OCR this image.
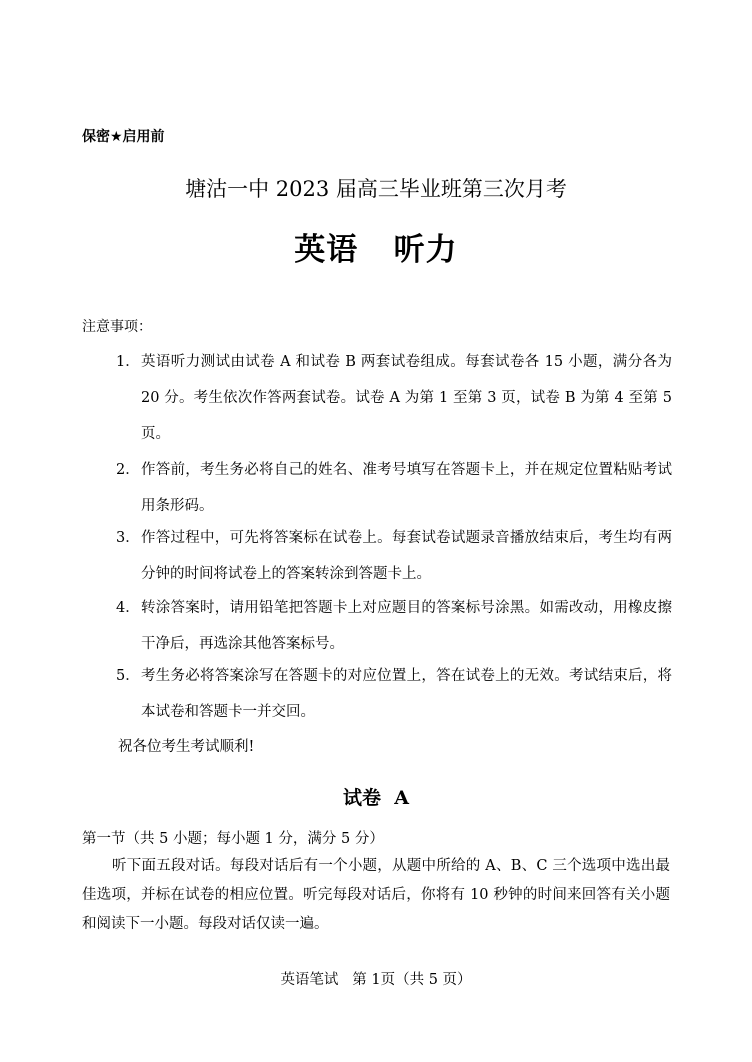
保密★启用前
塘沽一中 2023 届高三毕业班第三次月考
英语   听力
注意事项：
1． 英语听力测试由试卷 A 和试卷 B 两套试卷组成。每套试卷各 15 小题，满分各为 20 分。考生依次作答两套试卷。试卷 A 为第 1 至第 3 页，试卷 B 为第 4 至第 5 页。
2． 作答前，考生务必将自己的姓名、准考号填写在答题卡上，并在规定位置粘贴考试用条形码。
3． 作答过程中，可先将答案标在试卷上。每套试卷试题录音播放结束后，考生均有两分钟的时间将试卷上的答案转涂到答题卡上。
4． 转涂答案时，请用铅笔把答题卡上对应题目的答案标号涂黑。如需改动，用橡皮擦干净后，再选涂其他答案标号。
5． 考生务必将答案涂写在答题卡的对应位置上，答在试卷上的无效。考试结束后，将本试卷和答题卡一并交回。
祝各位考生考试顺利!
试卷  A
第一节（共 5 小题；每小题 1 分，满分 5 分）
听下面五段对话。每段对话后有一个小题，从题中所给的 A、B、C 三个选项中选出最佳选项，并标在试卷的相应位置。听完每段对话后，你将有 10 秒钟的时间来回答有关小题和阅读下一小题。每段对话仅读一遍。
英语笔试   第 1页（共 5 页）
